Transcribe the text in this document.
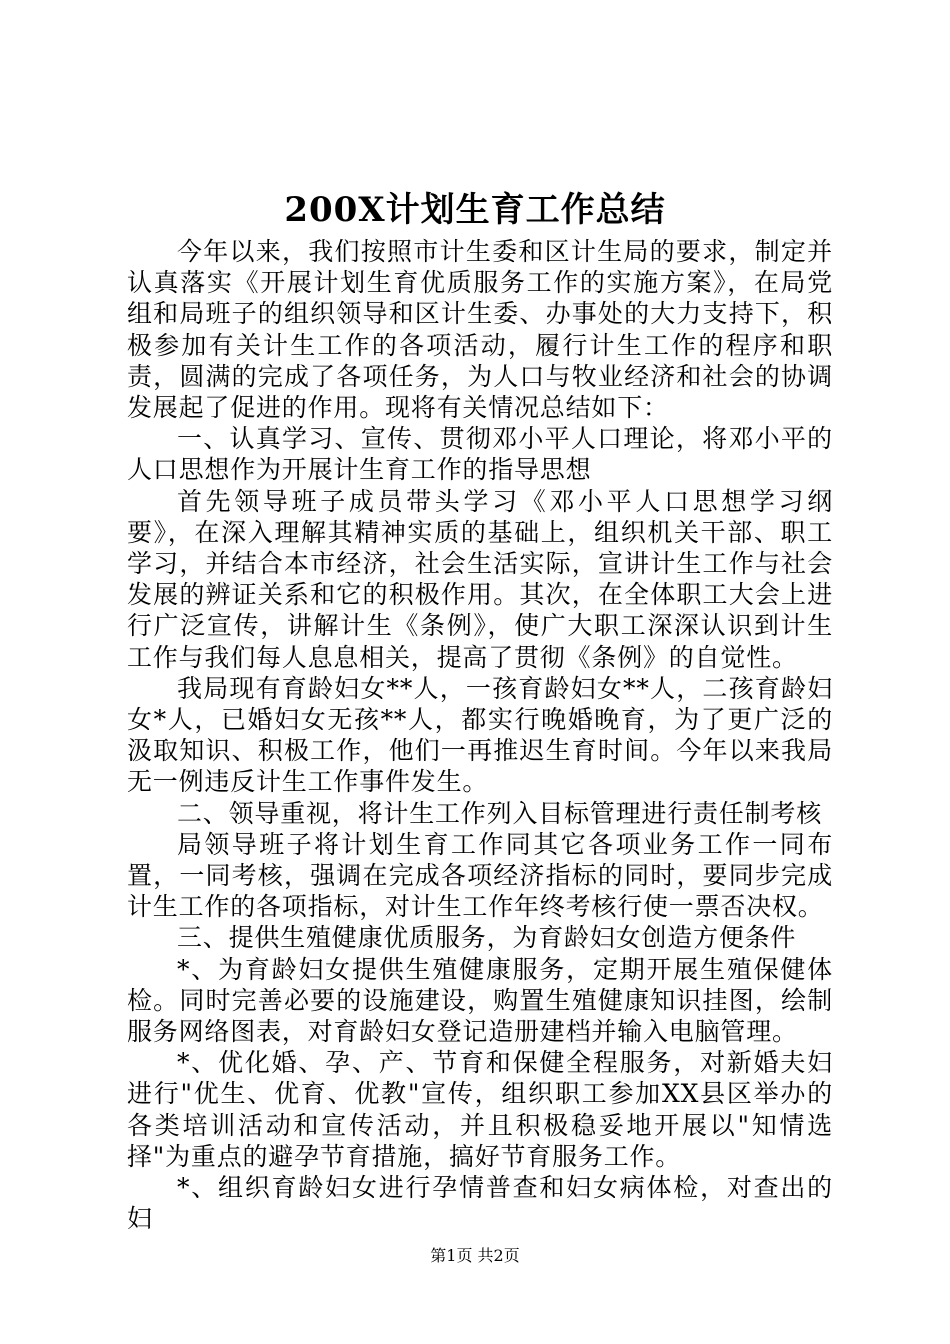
200X计划生育工作总结

今年以来，我们按照市计生委和区计生局的要求，制定并认真落实《开展计划生育优质服务工作的实施方案》，在局党组和局班子的组织领导和区计生委、办事处的大力支持下，积极参加有关计生工作的各项活动，履行计生工作的程序和职责，圆满的完成了各项任务，为人口与牧业经济和社会的协调发展起了促进的作用。现将有关情况总结如下：

一、认真学习、宣传、贯彻邓小平人口理论，将邓小平的人口思想作为开展计生育工作的指导思想

首先领导班子成员带头学习《邓小平人口思想学习纲要》，在深入理解其精神实质的基础上，组织机关干部、职工学习，并结合本市经济，社会生活实际，宣讲计生工作与社会发展的辨证关系和它的积极作用。其次，在全体职工大会上进行广泛宣传，讲解计生《条例》，使广大职工深深认识到计生工作与我们每人息息相关，提高了贯彻《条例》的自觉性。

我局现有育龄妇女**人，一孩育龄妇女**人，二孩育龄妇女*人，已婚妇女无孩**人，都实行晚婚晚育，为了更广泛的汲取知识、积极工作，他们一再推迟生育时间。今年以来我局无一例违反计生工作事件发生。

二、领导重视，将计生工作列入目标管理进行责任制考核

局领导班子将计划生育工作同其它各项业务工作一同布置，一同考核，强调在完成各项经济指标的同时，要同步完成计生工作的各项指标，对计生工作年终考核行使一票否决权。

三、提供生殖健康优质服务，为育龄妇女创造方便条件

*、为育龄妇女提供生殖健康服务，定期开展生殖保健体检。同时完善必要的设施建设，购置生殖健康知识挂图，绘制服务网络图表，对育龄妇女登记造册建档并输入电脑管理。

*、优化婚、孕、产、节育和保健全程服务，对新婚夫妇进行"优生、优育、优教"宣传，组织职工参加XX县区举办的各类培训活动和宣传活动，并且积极稳妥地开展以"知情选择"为重点的避孕节育措施，搞好节育服务工作。

*、组织育龄妇女进行孕情普查和妇女病体检，对查出的妇

第1页 共2页
